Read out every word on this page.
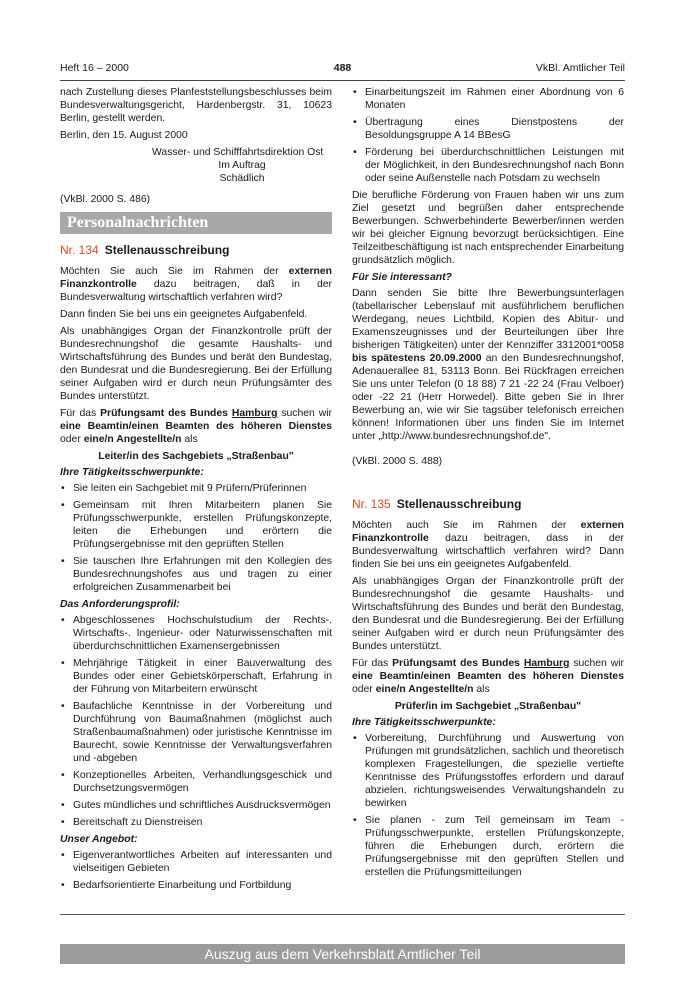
Heft 16 – 2000	488	VkBl. Amtlicher Teil

nach Zustellung dieses Planfeststellungsbeschlusses beim Bundesverwaltungsgericht, Hardenbergstr. 31, 10623 Berlin, gestellt werden.

Berlin, den 15. August 2000

Wasser- und Schifffahrtsdirektion Ost

Im Auftrag

Schädlich

(VkBl. 2000 S. 486)

Personalnachrichten
Nr. 134 Stellenausschreibung

Möchten Sie auch Sie im Rahmen der externen Finanzkontrolle dazu beitragen, daß in der Bundesverwaltung wirtschaftlich verfahren wird?

Dann finden Sie bei uns ein geeignetes Aufgabenfeld.

Als unabhängiges Organ der Finanzkontrolle prüft der Bundesrechnungshof die gesamte Haushalts- und Wirtschaftsführung des Bundes und berät den Bundestag, den Bundesrat und die Bundesregierung. Bei der Erfüllung seiner Aufgaben wird er durch neun Prüfungsämter des Bundes unterstützt.

Für das Prüfungsamt des Bundes Hamburg suchen wir eine Beamtin/einen Beamten des höheren Dienstes oder eine/n Angestellte/n als

Leiter/in des Sachgebiets „Straßenbau"
Ihre Tätigkeitsschwerpunkte:
• Sie leiten ein Sachgebiet mit 9 Prüfern/Prüferinnen
• Gemeinsam mit Ihren Mitarbeitern planen Sie Prüfungsschwerpunkte, erstellen Prüfungskonzepte, leiten die Erhebungen und erörtern die Prüfungsergebnisse mit den geprüften Stellen
• Sie tauschen Ihre Erfahrungen mit den Kollegien des Bundesrechnungshofes aus und tragen zu einer erfolgreichen Zusammenarbeit bei
Das Anforderungsprofil:
• Abgeschlossenes Hochschulstudium der Rechts-. Wirtschafts-. Ingenieur- oder Naturwissenschaften mit überdurchschnittlichen Examensergebnissen
• Mehrjährige Tätigkeit in einer Bauverwaltung des Bundes oder einer Gebietskörperschaft, Erfahrung in der Führung von Mitarbeitern erwünscht
• Baufachliche Kenntnisse in der Vorbereitung und Durchführung von Baumaßnahmen (möglichst auch Straßenbaumaßnahmen) oder juristische Kenntnisse im Baurecht, sowie Kenntnisse der Verwaltungsverfahren und -abgeben
• Konzeptionelles Arbeiten, Verhandlungsgeschick und Durchsetzungsvermögen
• Gutes mündliches und schriftliches Ausdrucksvermögen
• Bereitschaft zu Dienstreisen
Unser Angebot:
• Eigenverantwortliches Arbeiten auf interessanten und vielseitigen Gebieten
• Bedarfsorientierte Einarbeitung und Fortbildung
• Einarbeitungszeit im Rahmen einer Abordnung von 6 Monaten
• Übertragung eines Dienstpostens der Besoldungsgruppe A 14 BBesG
• Förderung bei überdurchschnittlichen Leistungen mit der Möglichkeit, in den Bundesrechnungshof nach Bonn oder seine Außenstelle nach Potsdam zu wechseln

Die berufliche Förderung von Frauen haben wir uns zum Ziel gesetzt und begrüßen daher entsprechende Bewerbungen. Schwerbehinderte Bewerber/innen werden wir bei gleicher Eignung bevorzugt berücksichtigen. Eine Teilzeitbeschäftigung ist nach entsprechender Einarbeitung grundsätzlich möglich.

Für Sie interessant?

Dann senden Sie bitte Ihre Bewerbungsunterlagen (tabellarischer Lebenslauf mit ausführlichem beruflichen Werdegang, neues Lichtbild, Kopien des Abitur- und Examenszeugnisses und der Beurteilungen über Ihre bisherigen Tätigkeiten) unter der Kennziffer 3312001*0058 bis spätestens 20.09.2000 an den Bundesrechnungshof, Adenauerallee 81, 53113 Bonn. Bei Rückfragen erreichen Sie uns unter Telefon (0 18 88) 7 21 -22 24 (Frau Velboer) oder -22 21 (Herr Horwedel). Bitte geben Sie in Ihrer Bewerbung an, wie wir Sie tagsüber telefonisch erreichen können! Informationen über uns finden Sie im Internet unter „http://www.bundesrechnungshof.de".

(VkBl. 2000 S. 488)

Nr. 135 Stellenausschreibung

Möchten auch Sie im Rahmen der externen Finanzkontrolle dazu beitragen, dass in der Bundesverwaltung wirtschaftlich verfahren wird? Dann finden Sie bei uns ein geeignetes Aufgabenfeld.

Als unabhängiges Organ der Finanzkontrolle prüft der Bundesrechnungshof die gesamte Haushalts- und Wirtschaftsführung des Bundes und berät den Bundestag, den Bundesrat und die Bundesregierung. Bei der Erfüllung seiner Aufgaben wird er durch neun Prüfungsämter des Bundes unterstützt.

Für das Prüfungsamt des Bundes Hamburg suchen wir eine Beamtin/einen Beamten des höheren Dienstes oder eine/n Angestellte/n als

Prüfer/in im Sachgebiet „Straßenbau"
Ihre Tätigkeitsschwerpunkte:
• Vorbereitung, Durchführung und Auswertung von Prüfungen mit grundsätzlichen, sachlich und theoretisch komplexen Fragestellungen, die spezielle vertiefte Kenntnisse des Prüfungsstoffes erfordern und darauf abzielen, richtungsweisendes Verwaltungshandeln zu bewirken
• Sie planen - zum Teil gemeinsam im Team - Prüfungsschwerpunkte, erstellen Prüfungskonzepte, führen die Erhebungen durch, erörtern die Prüfungsergebnisse mit den geprüften Stellen und erstellen die Prüfungsmitteilungen
Auszug aus dem Verkehrsblatt Amtlicher Teil
